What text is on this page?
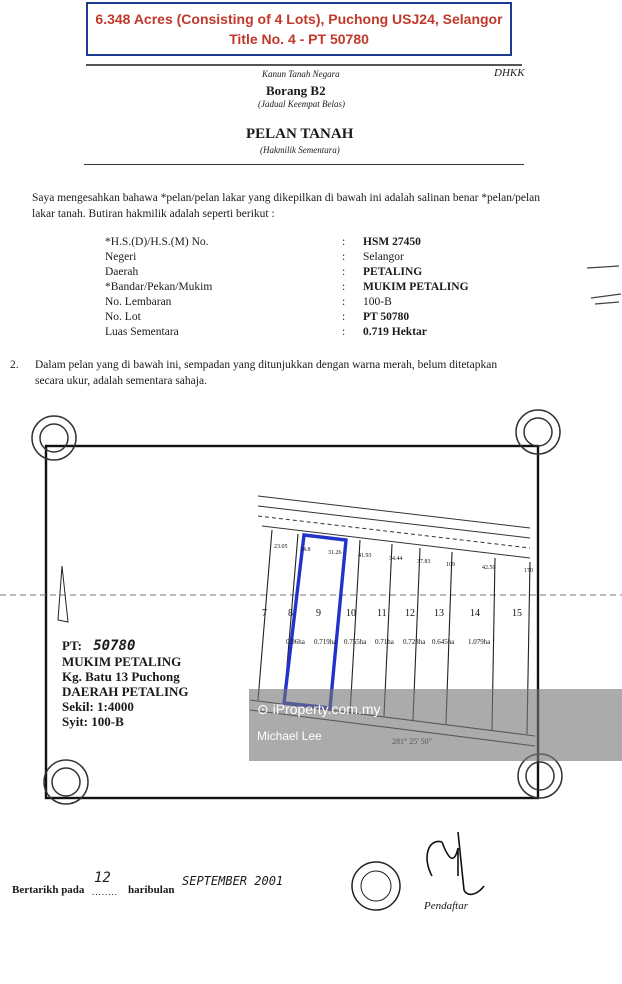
6.348 Acres (Consisting of 4 Lots), Puchong USJ24, Selangor
Title No. 4 - PT 50780
Kanun Tanah Negara	DHKK
Borang B2
(Jadual Keempat Belas)
PELAN TANAH
(Hakmilik Sementara)
Saya mengesahkan bahawa *pelan/pelan lakar yang dikepilkan di bawah ini adalah salinan benar *pelan/pelan
lakar tanah. Butiran hakmilik adalah seperti berikut :
*H.S.(D)/H.S.(M) No.	: HSM 27450
Negeri	: Selangor
Daerah	: PETALING
*Bandar/Pekan/Mukim	: MUKIM PETALING
No. Lembaran	: 100-B
No. Lot	: PT 50780
Luas Sementara	: 0.719 Hektar
2. Dalam pelan yang di bawah ini, sempadan yang ditunjukkan dengan warna merah, belum ditetapkan
secara ukur, adalah sementara sahaja.
7
23.05
8
0.96ha
24.8
9
0.719ha
31.26
10
0.755ha
41.93
11
0.71ha
34.44
12
0.728ha
37.83
13
0.645ha
109
14
1.079ha
42.50
15
170
PT: 50780
MUKIM PETALING
Kg. Batu 13 Puchong
DAERAH PETALING
Sekil: 1:4000
Syit: 100-B
⊙ iProperty.com.my
Michael Lee
Bertarikh pada
12
........ haribulan
SEPTEMBER 2001
Pendaftar
